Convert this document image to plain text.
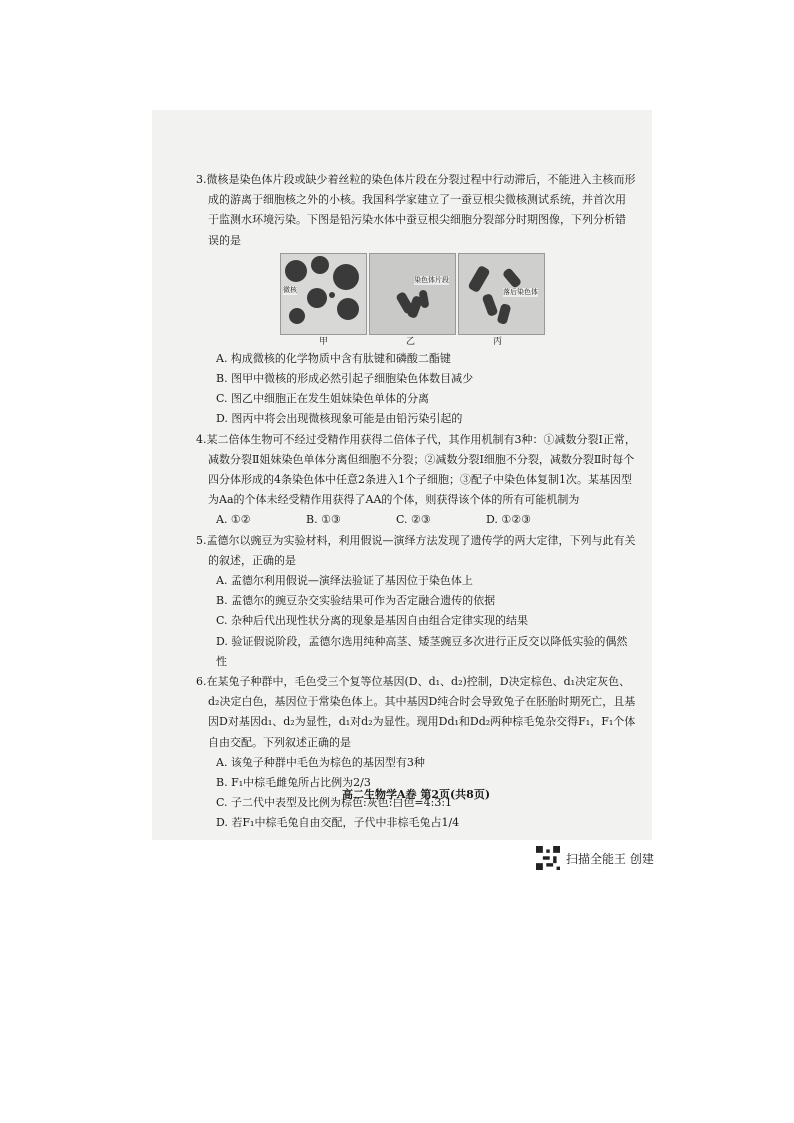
3.微核是染色体片段或缺少着丝粒的染色体片段在分裂过程中行动滞后，不能进入主核而形成的游离于细胞核之外的小核。我国科学家建立了一蚕豆根尖微核测试系统，并首次用于监测水环境污染。下图是铅污染水体中蚕豆根尖细胞分裂部分时期图像，下列分析错误的是
微核
染色体片段
落后染色体
甲	乙	丙
A. 构成微核的化学物质中含有肽键和磷酸二酯键
B. 图甲中微核的形成必然引起子细胞染色体数目减少
C. 图乙中细胞正在发生姐妹染色单体的分离
D. 图丙中将会出现微核现象可能是由铅污染引起的
4.某二倍体生物可不经过受精作用获得二倍体子代，其作用机制有3种：①减数分裂Ⅰ正常，减数分裂Ⅱ姐妹染色单体分离但细胞不分裂；②减数分裂Ⅰ细胞不分裂，减数分裂Ⅱ时每个四分体形成的4条染色体中任意2条进入1个子细胞；③配子中染色体复制1次。某基因型为Aa的个体未经受精作用获得了AA的个体，则获得该个体的所有可能机制为
A. ①②	B. ①③	C. ②③	D. ①②③
5.孟德尔以豌豆为实验材料，利用假说—演绎方法发现了遗传学的两大定律，下列与此有关的叙述，正确的是
A. 孟德尔利用假说—演绎法验证了基因位于染色体上
B. 孟德尔的豌豆杂交实验结果可作为否定融合遗传的依据
C. 杂种后代出现性状分离的现象是基因自由组合定律实现的结果
D. 验证假说阶段，孟德尔选用纯种高茎、矮茎豌豆多次进行正反交以降低实验的偶然性
6.在某兔子种群中，毛色受三个复等位基因(D、d₁、d₂)控制，D决定棕色、d₁决定灰色、d₂决定白色，基因位于常染色体上。其中基因D纯合时会导致兔子在胚胎时期死亡，且基因D对基因d₁、d₂为显性，d₁对d₂为显性。现用Dd₁和Dd₂两种棕毛兔杂交得F₁，F₁个体自由交配。下列叙述正确的是
A. 该兔子种群中毛色为棕色的基因型有3种
B. F₁中棕毛雌兔所占比例为2/3
C. 子二代中表型及比例为棕色:灰色:白色=4:3:1
D. 若F₁中棕毛兔自由交配，子代中非棕毛兔占1/4
高二生物学A卷 第2页(共8页)
扫描全能王 创建
